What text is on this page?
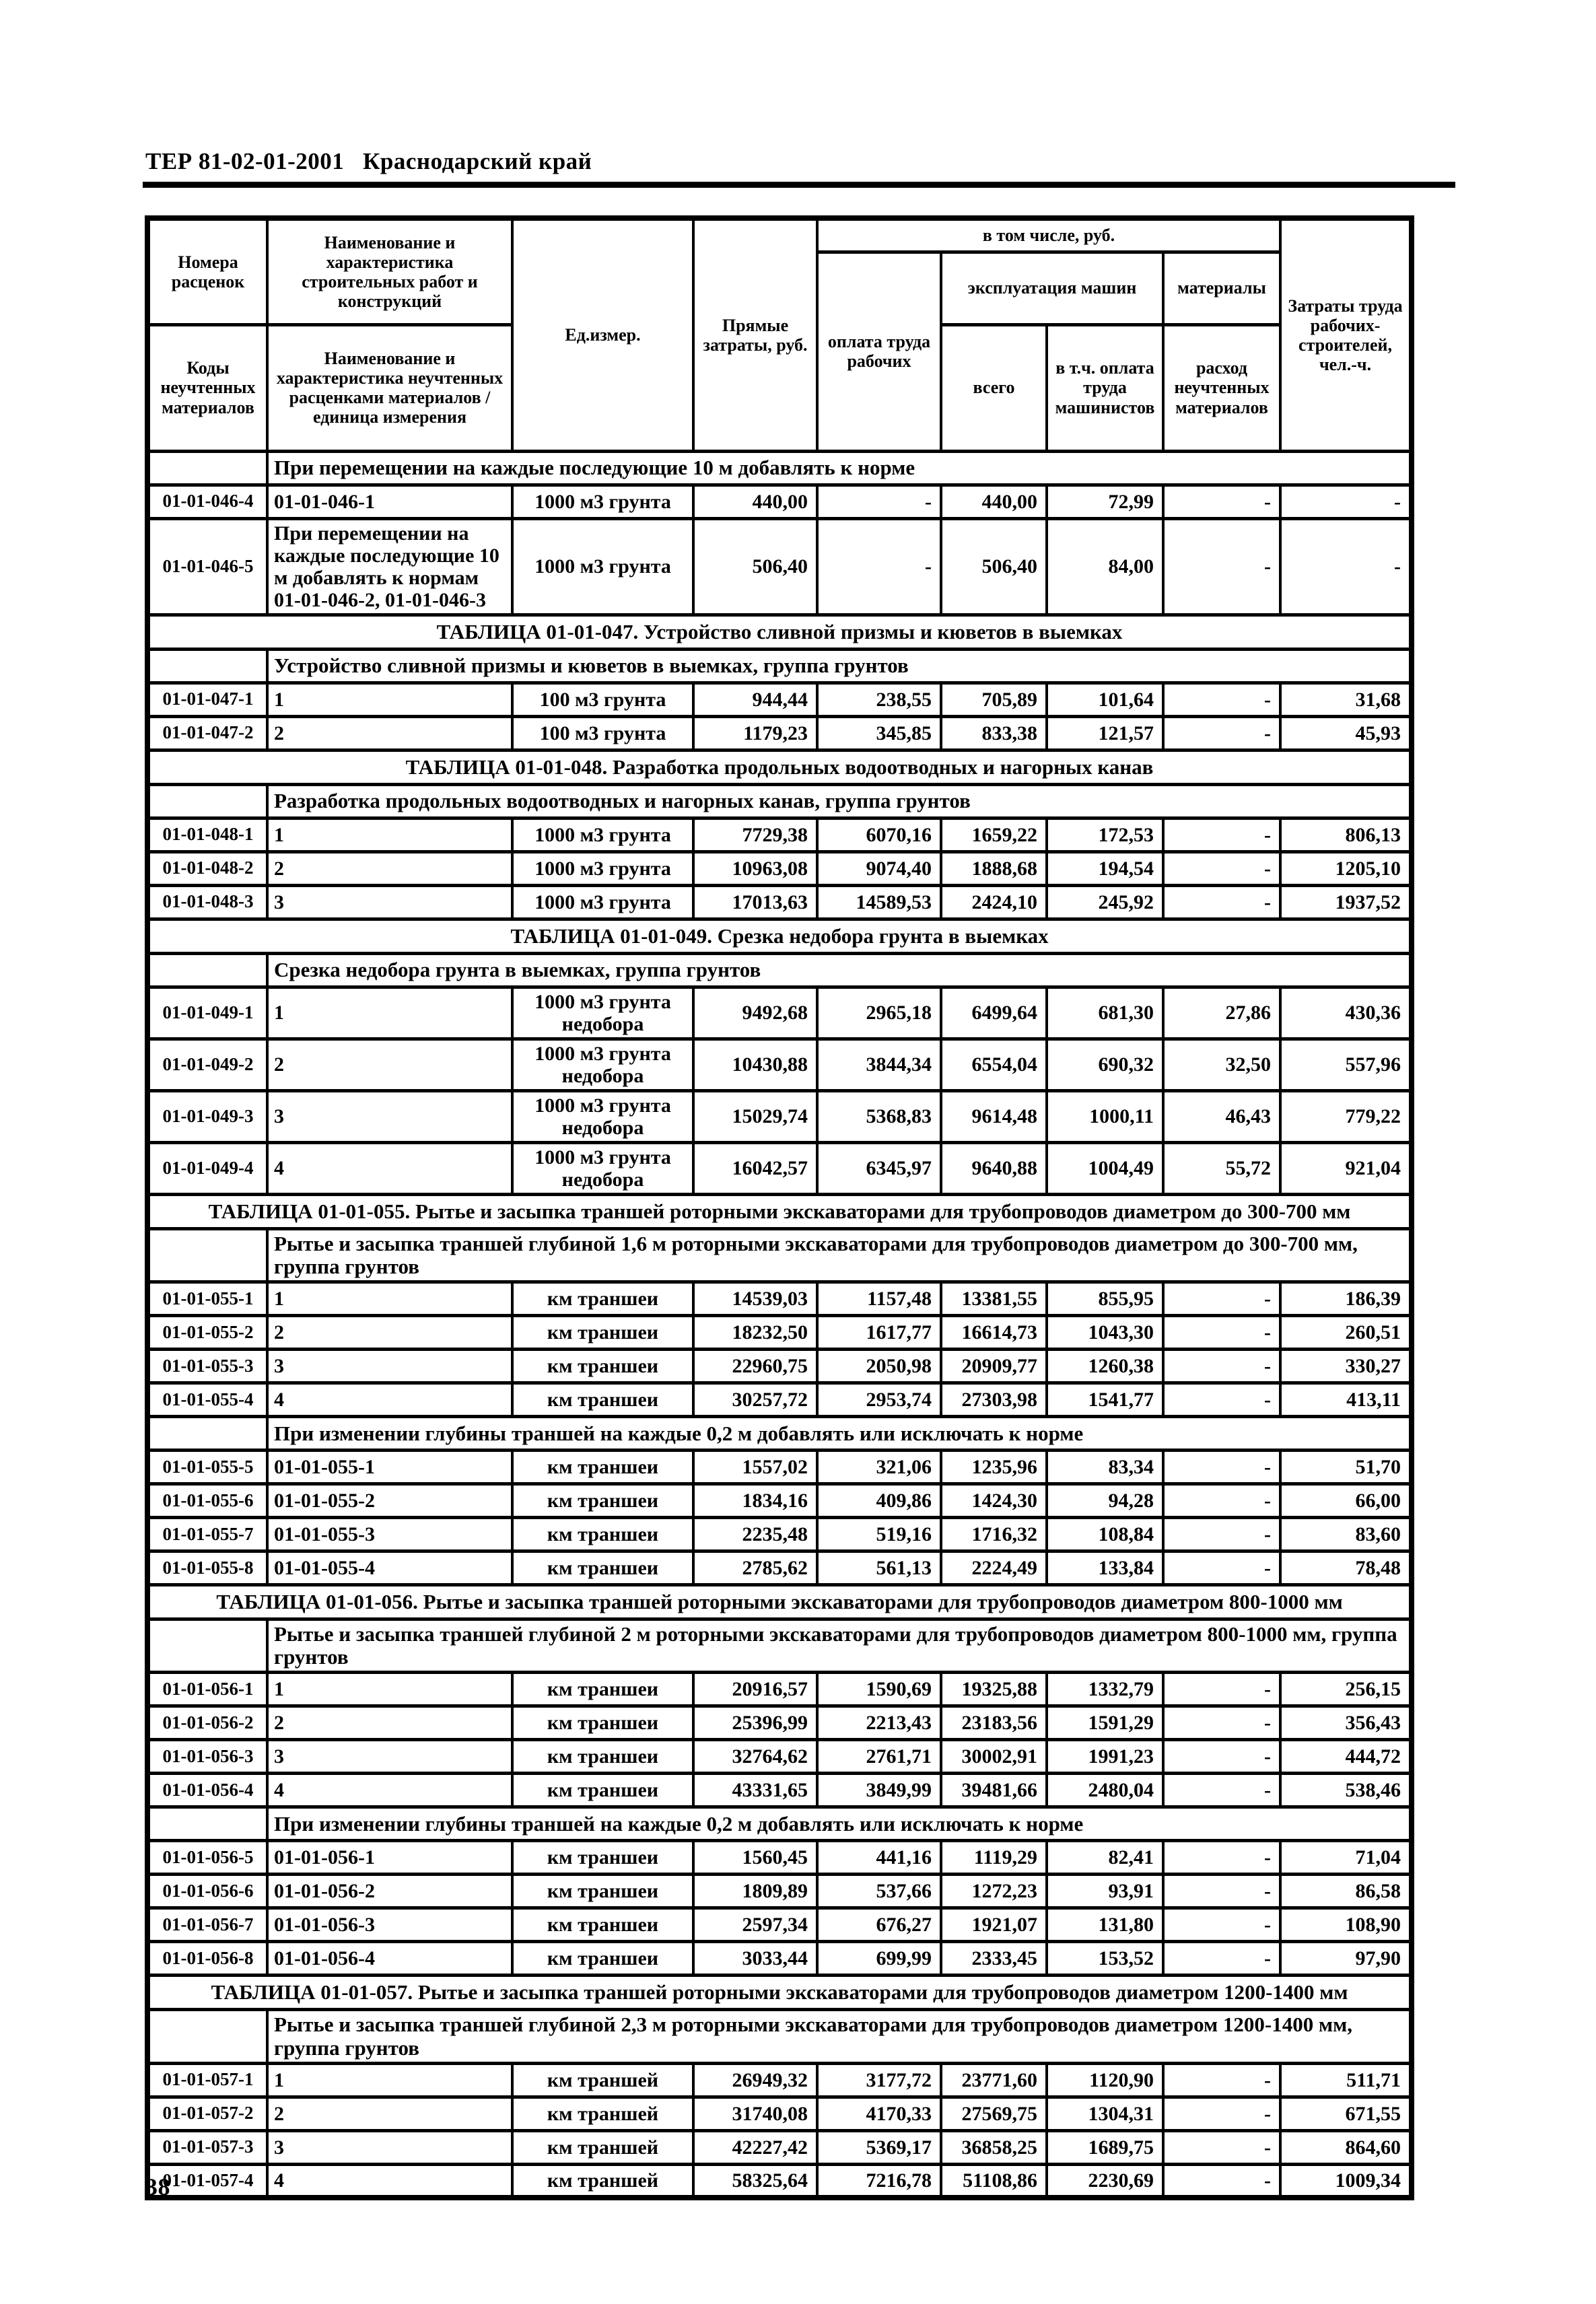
ТЕР 81-02-01-2001   Краснодарский край
Номера расценок	Наименование и характеристика строительных работ и конструкций	Ед.измер.	Прямые затраты, руб.	в том числе, руб.				Затраты труда рабочих-строителей, чел.-ч.
				оплата труда рабочих	эксплуатация машин		материалы	
Коды неучтенных материалов	Наименование и характеристика неучтенных расценками материалов / единица измерения				всего	в т.ч. оплата труда машинистов	расход неучтенных материалов	
	При перемещении на каждые последующие 10 м добавлять к норме							
01-01-046-4	01-01-046-1	1000 м3 грунта	440,00	-	440,00	72,99	-	-
01-01-046-5	При перемещении на каждые последующие 10 м добавлять к нормам 01-01-046-2, 01-01-046-3	1000 м3 грунта	506,40	-	506,40	84,00	-	-
ТАБЛИЦА 01-01-047. Устройство сливной призмы и кюветов в выемках								
	Устройство сливной призмы и кюветов в выемках, группа грунтов							
01-01-047-1	1	100 м3 грунта	944,44	238,55	705,89	101,64	-	31,68
01-01-047-2	2	100 м3 грунта	1179,23	345,85	833,38	121,57	-	45,93
ТАБЛИЦА 01-01-048. Разработка продольных водоотводных и нагорных канав								
	Разработка продольных водоотводных и нагорных канав, группа грунтов							
01-01-048-1	1	1000 м3 грунта	7729,38	6070,16	1659,22	172,53	-	806,13
01-01-048-2	2	1000 м3 грунта	10963,08	9074,40	1888,68	194,54	-	1205,10
01-01-048-3	3	1000 м3 грунта	17013,63	14589,53	2424,10	245,92	-	1937,52
ТАБЛИЦА 01-01-049. Срезка недобора грунта в выемках								
	Срезка недобора грунта в выемках, группа грунтов							
01-01-049-1	1	1000 м3 грунта недобора	9492,68	2965,18	6499,64	681,30	27,86	430,36
01-01-049-2	2	1000 м3 грунта недобора	10430,88	3844,34	6554,04	690,32	32,50	557,96
01-01-049-3	3	1000 м3 грунта недобора	15029,74	5368,83	9614,48	1000,11	46,43	779,22
01-01-049-4	4	1000 м3 грунта недобора	16042,57	6345,97	9640,88	1004,49	55,72	921,04
ТАБЛИЦА 01-01-055. Рытье и засыпка траншей роторными экскаваторами для трубопроводов диаметром до 300-700 мм								
	Рытье и засыпка траншей глубиной 1,6 м роторными экскаваторами для трубопроводов диаметром до 300-700 мм, группа грунтов							
01-01-055-1	1	км траншеи	14539,03	1157,48	13381,55	855,95	-	186,39
01-01-055-2	2	км траншеи	18232,50	1617,77	16614,73	1043,30	-	260,51
01-01-055-3	3	км траншеи	22960,75	2050,98	20909,77	1260,38	-	330,27
01-01-055-4	4	км траншеи	30257,72	2953,74	27303,98	1541,77	-	413,11
	При изменении глубины траншей на каждые 0,2 м добавлять или исключать к норме							
01-01-055-5	01-01-055-1	км траншеи	1557,02	321,06	1235,96	83,34	-	51,70
01-01-055-6	01-01-055-2	км траншеи	1834,16	409,86	1424,30	94,28	-	66,00
01-01-055-7	01-01-055-3	км траншеи	2235,48	519,16	1716,32	108,84	-	83,60
01-01-055-8	01-01-055-4	км траншеи	2785,62	561,13	2224,49	133,84	-	78,48
ТАБЛИЦА 01-01-056. Рытье и засыпка траншей роторными экскаваторами для трубопроводов диаметром 800-1000 мм								
	Рытье и засыпка траншей глубиной 2 м роторными экскаваторами для трубопроводов диаметром 800-1000 мм, группа грунтов							
01-01-056-1	1	км траншеи	20916,57	1590,69	19325,88	1332,79	-	256,15
01-01-056-2	2	км траншеи	25396,99	2213,43	23183,56	1591,29	-	356,43
01-01-056-3	3	км траншеи	32764,62	2761,71	30002,91	1991,23	-	444,72
01-01-056-4	4	км траншеи	43331,65	3849,99	39481,66	2480,04	-	538,46
	При изменении глубины траншей на каждые 0,2 м добавлять или исключать к норме							
01-01-056-5	01-01-056-1	км траншеи	1560,45	441,16	1119,29	82,41	-	71,04
01-01-056-6	01-01-056-2	км траншеи	1809,89	537,66	1272,23	93,91	-	86,58
01-01-056-7	01-01-056-3	км траншеи	2597,34	676,27	1921,07	131,80	-	108,90
01-01-056-8	01-01-056-4	км траншеи	3033,44	699,99	2333,45	153,52	-	97,90
ТАБЛИЦА 01-01-057. Рытье и засыпка траншей роторными экскаваторами для трубопроводов диаметром 1200-1400 мм								
	Рытье и засыпка траншей глубиной 2,3 м роторными экскаваторами для трубопроводов диаметром 1200-1400 мм, группа грунтов							
01-01-057-1	1	км траншей	26949,32	3177,72	23771,60	1120,90	-	511,71
01-01-057-2	2	км траншей	31740,08	4170,33	27569,75	1304,31	-	671,55
01-01-057-3	3	км траншей	42227,42	5369,17	36858,25	1689,75	-	864,60
01-01-057-4	4	км траншей	58325,64	7216,78	51108,86	2230,69	-	1009,34
38
